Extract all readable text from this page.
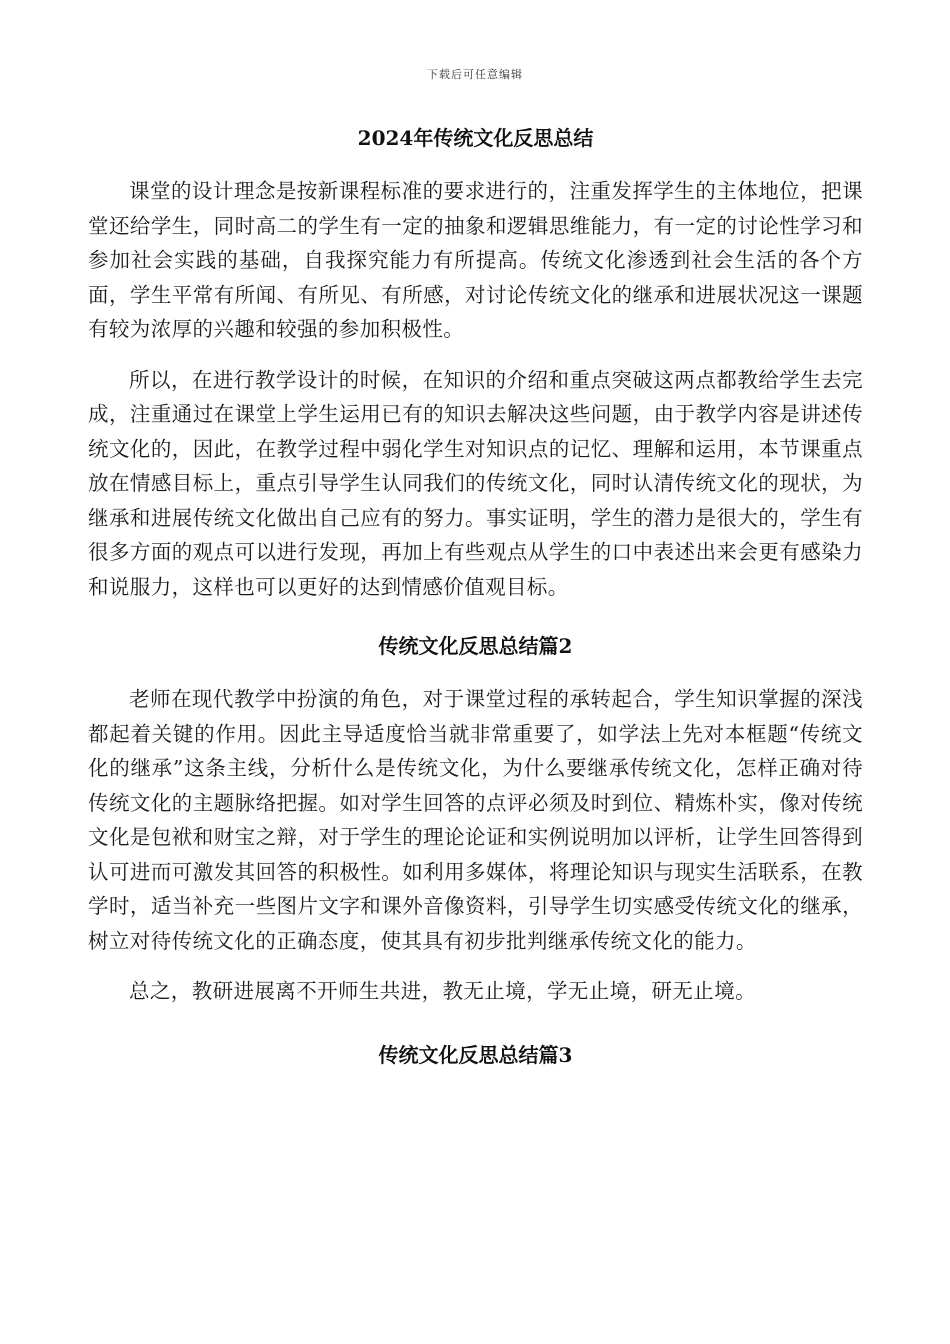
下载后可任意编辑
2024年传统文化反思总结

课堂的设计理念是按新课程标准的要求进行的，注重发挥学生的主体地位，把课堂还给学生，同时高二的学生有一定的抽象和逻辑思维能力，有一定的讨论性学习和参加社会实践的基础，自我探究能力有所提高。传统文化渗透到社会生活的各个方面，学生平常有所闻、有所见、有所感，对讨论传统文化的继承和进展状况这一课题有较为浓厚的兴趣和较强的参加积极性。

所以，在进行教学设计的时候，在知识的介绍和重点突破这两点都教给学生去完成，注重通过在课堂上学生运用已有的知识去解决这些问题，由于教学内容是讲述传统文化的，因此，在教学过程中弱化学生对知识点的记忆、理解和运用，本节课重点放在情感目标上，重点引导学生认同我们的传统文化，同时认清传统文化的现状，为继承和进展传统文化做出自己应有的努力。事实证明，学生的潜力是很大的，学生有很多方面的观点可以进行发现，再加上有些观点从学生的口中表述出来会更有感染力和说服力，这样也可以更好的达到情感价值观目标。

传统文化反思总结篇2

老师在现代教学中扮演的角色，对于课堂过程的承转起合，学生知识掌握的深浅都起着关键的作用。因此主导适度恰当就非常重要了，如学法上先对本框题“传统文化的继承”这条主线，分析什么是传统文化，为什么要继承传统文化，怎样正确对待传统文化的主题脉络把握。如对学生回答的点评必须及时到位、精炼朴实，像对传统文化是包袱和财宝之辩，对于学生的理论论证和实例说明加以评析，让学生回答得到认可进而可激发其回答的积极性。如利用多媒体，将理论知识与现实生活联系，在教学时，适当补充一些图片文字和课外音像资料，引导学生切实感受传统文化的继承，树立对待传统文化的正确态度，使其具有初步批判继承传统文化的能力。

总之，教研进展离不开师生共进，教无止境，学无止境，研无止境。

传统文化反思总结篇3
